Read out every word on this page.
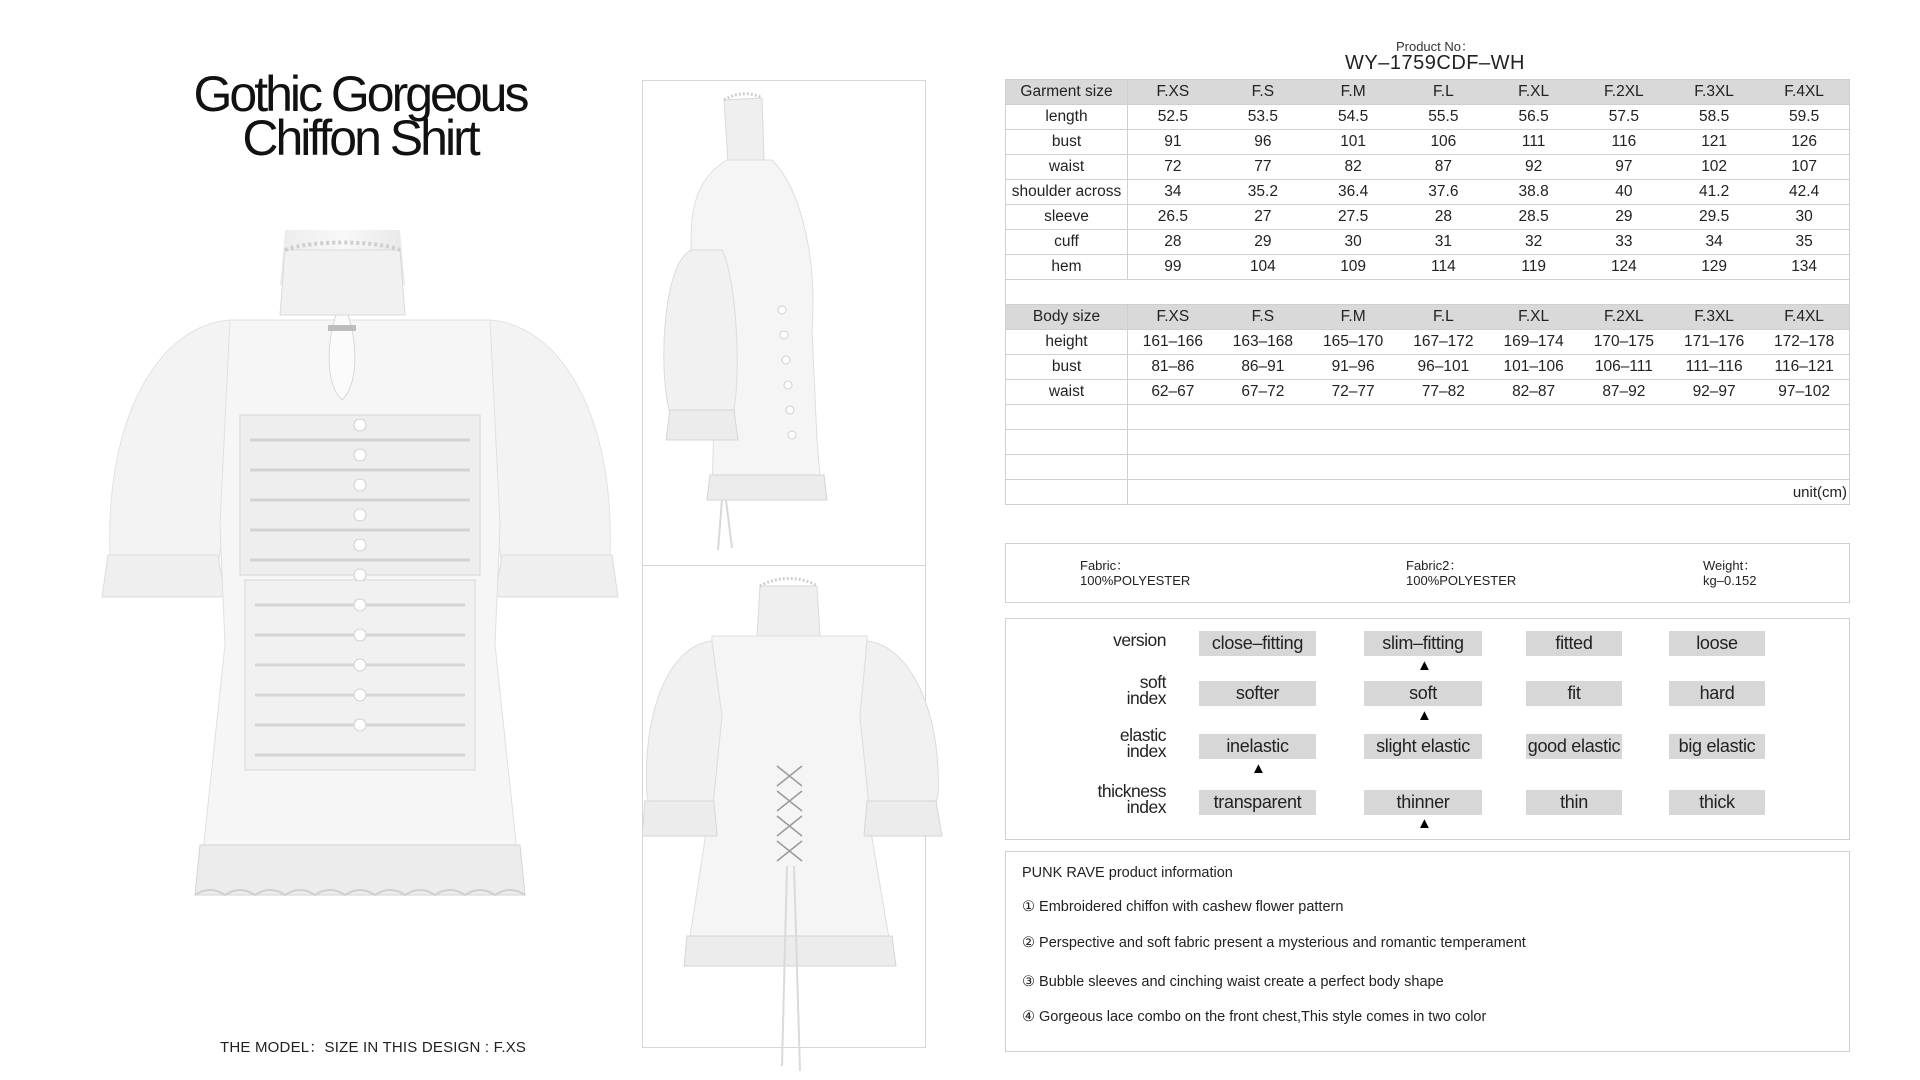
Gothic Gorgeous
Chiffon Shirt
THE MODEL：SIZE IN THIS DESIGN : F.XS
Product No：
WY–1759CDF–WH
Garment size	F.XS	F.S	F.M	F.L	F.XL	F.2XL	F.3XL	F.4XL
length	52.5	53.5	54.5	55.5	56.5	57.5	58.5	59.5
bust	91	96	101	106	111	116	121	126
waist	72	77	82	87	92	97	102	107
shoulder across	34	35.2	36.4	37.6	38.8	40	41.2	42.4
sleeve	26.5	27	27.5	28	28.5	29	29.5	30
cuff	28	29	30	31	32	33	34	35
hem	99	104	109	114	119	124	129	134

Body size	F.XS	F.S	F.M	F.L	F.XL	F.2XL	F.3XL	F.4XL
height	161–166	163–168	165–170	167–172	169–174	170–175	171–176	172–178
bust	81–86	86–91	91–96	96–101	101–106	106–111	111–116	116–121
waist	62–67	67–72	72–77	77–82	82–87	87–92	92–97	97–102

	unit(cm)							
Fabric：
100%POLYESTER
Fabric2：
100%POLYESTER
Weight：
kg–0.152
version	close–fitting	slim–fitting	fitted	loose
▲
soft
index	softer	soft	fit	hard
▲
elastic
index	inelastic	slight elastic	good elastic	big elastic
▲
thickness
index	transparent	thinner	thin	thick
▲
PUNK RAVE product information
① Embroidered chiffon with cashew flower pattern
② Perspective and soft fabric present a mysterious and romantic temperament
③ Bubble sleeves and cinching waist create a perfect body shape
④ Gorgeous lace combo on the front chest,This style comes in two color
